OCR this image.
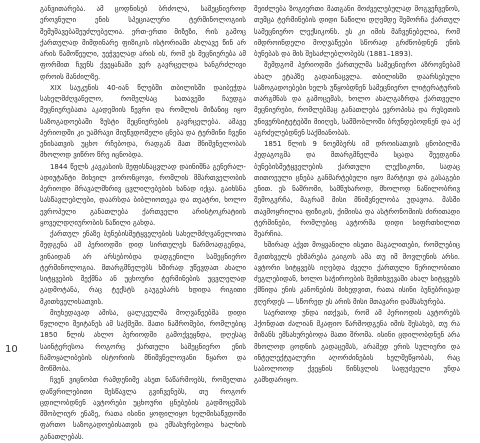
განვითარება. ამ ცოდნისებ ბრძოლა, სამეცნიეროდ ეროვნული ენის სპეციალური ტერმინოლოგიის შემუშავებაშეუძლებელია. ერთ-ერთი მიზეზი, რის გამოც ქართულად მიმდინარე ფიზიკის ისტორიაში ახლავე წინ არ არის წამოწეული, უეჭველად არის ის, რომ ეს მეცნიერება ამ ფორმით ჩვენს ქვეყანაში ვერ გავრცელდა ხანგრძლივი დროის მანძილზე.

XIX საუკუნის 40-იან წლებში თბილისში დაიბეჭდა სახელმძღვანელო, რომელსაც სათავეში ჩაუდგა მეცნიერებათა აკადემიის წევრი და რომლის მიზანიც იყო საზოგადოებაში ზუსტი მეცნიერების გავრცელება. ამავე პერიოდში კი უამრავი მიუწვდომელი ცნება და ტერმინი ჩვენი ენისათვის უცხო რჩებოდა, რადგან მათ მნიშვნელობას მხოლოდ ვიწრო წრე იცნობდა.

1844 წელს კავკასიის მეფისნაცვლად დაინიშნა გენერალ-ადიუტანტი მიხეილ ვორონცოვი, რომლის მმართველობის პერიოდი მრავალმხრივ ცვლილებების ხანად იქცა. გაიხსნა სასწავლებლები, დაარსდა ბიბლიოთეკა და თეატრი, ხოლო ევროპული განათლება ქართველი არისტოკრატიის ყოველდღიურობის ნაწილი გახდა.

ქართულ ენაზე ბუნებისმეტყველების სახელმძღვანელოთა შედგენა ამ პერიოდში დიდ სირთულეს წარმოადგენდა, ვინაიდან არ არსებობდა დადგენილი სამეცნიერო ტერმინოლოგია. მთარგმნელებს ხშირად უწევდათ ახალი სიტყვების შექმნა ან უცხოური ტერმინების უცვლელად გადმოტანა, რაც ტექსტს გაუგებარს ხდიდა რიგითი მკითხველისათვის.

მიუხედავად ამისა, ცალკეულმა მოღვაწეებმა დიდი წვლილი შეიტანეს ამ საქმეში. მათი ნაშრომები, რომლებიც 1850 წლის ახლო პერიოდში გამოქვეყნდა, დღესაც საინტერესოა როგორც ქართული სამეცნიერო ენის ჩამოყალიბების ისტორიის მნიშვნელოვანი წყარო და მოწმობა.

ჩვენ ვიცნობთ რამდენიმე ასეთ ნაწარმოებს, რომელთა დაწვრილებითი შესწავლა გვიჩვენებს, თუ როგორ ცდილობდნენ ავტორები უცხოური ცნებების გადმოცემას მშობლიურ ენაზე, რათა ისინი ყოფილიყო ხელმისაწვდომი ფართო საზოგადოებისათვის და ემსახურებოდა ხალხის განათლებას.

შეიძლება ზოგიერთი მათგანი მოძველებულად მოგვეჩვენოს, თუმცა ტერმინების დიდი ნაწილი დღემდე შემორჩა ქართულ სამეცნიერო ლექსიკონს. ეს კი იმის მაჩვენებელია, რომ იმდროინდელი მოღვაწეები სწორად გრძნობდნენ ენის ბუნებას და მის შესაძლებლობებს (1881–1893).

შემდგომ პერიოდში ქართულმა სამეცნიერო აზროვნებამ ახალ ეტაპზე გადაინაცვლა. თბილისში დაარსებული საზოგადოებები ხელს უწყობდნენ სამეცნიერო ლიტერატურის თარგმნას და გამოცემას, ხოლო ახალგაზრდა ქართველი მეცნიერები, რომლებმაც განათლება ევროპისა და რუსეთის უნივერსიტეტებში მიიღეს, სამშობლოში ბრუნდებოდნენ და აქ აგრძელებდნენ საქმიანობას.

1851 წლის 9 ნოემბერს იმ დროისათვის ცნობილმა პედაგოგმა და მთარგმნელმა სცადა შეედგინა ბუნებისმეტყველების ქართული ლექსიკონი, სადაც თითოეული ცნება განმარტებული იყო მარტივი და გასაგები ენით. ეს ნაშრომი, სამწუხაროდ, მხოლოდ ნაწილობრივ შემოგვრჩა, მაგრამ მისი მნიშვნელობა უდავოა. მასში თავმოყრილია ფიზიკის, ქიმიისა და ასტრონომიის ძირითადი ტერმინები, რომლებიც ავტორმა დიდი სიფრთხილით შეარჩია.

ხშირად აქვთ მოყვანილი ისეთი მაგალითები, რომლებიც მკითხველს ეხმარება გაიგოს ამა თუ იმ მოვლენის არსი. ავტორი სიტყვებს იღებდა ძველი ქართული წერილობითი ძეგლებიდან, ხოლო საჭიროების შემთხვევაში ახალ სიტყვებს ქმნიდა ენის კანონების მიხედვით, რათა ისინი ბუნებრივად ჟღერდეს — სწორედ ეს არის მისი მთავარი დამსახურება.

საერთოდ უნდა ითქვას, რომ ამ პერიოდის ავტორებს ჰქონდათ ძალიან მკაფიო წარმოდგენა იმის შესახებ, თუ რა მიზანს ემსახურებოდა მათი შრომა. ისინი ცდილობდნენ არა მხოლოდ ცოდნის გადაცემას, არამედ ერის სულიერი და ინტელექტუალური აღორძინების ხელშეწყობას, რაც საბოლოოდ ქვეყნის წინსვლის საფუძველი უნდა გამხდარიყო.

10
